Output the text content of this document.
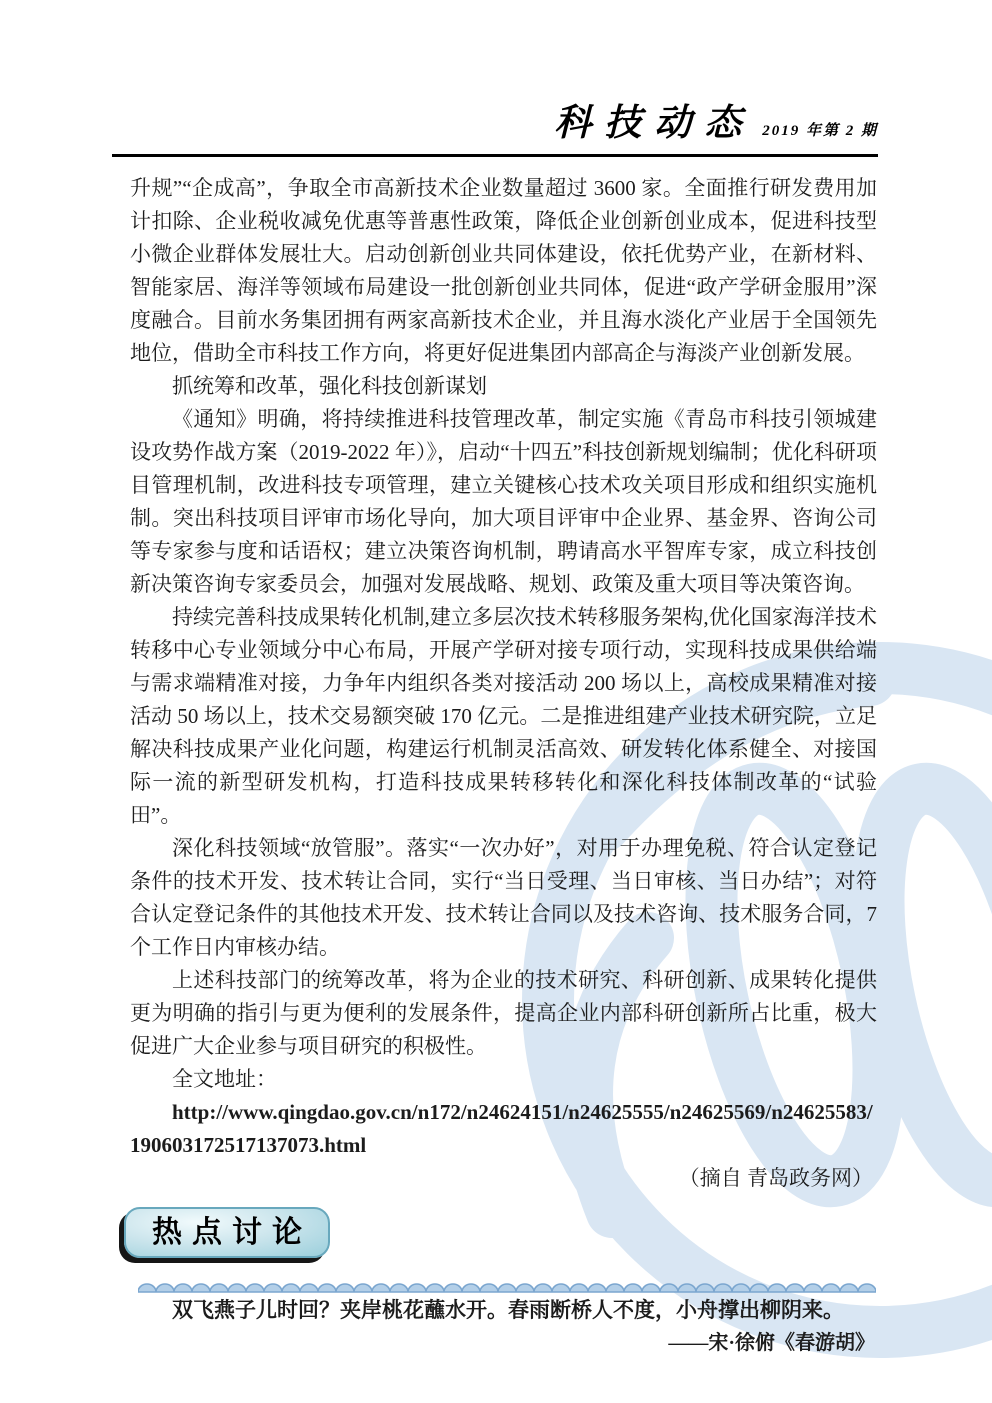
科技动态 2019 年第 2 期

升规”“企成高”，争取全市高新技术企业数量超过 3600 家。全面推行研发费用加计扣除、企业税收减免优惠等普惠性政策，降低企业创新创业成本，促进科技型小微企业群体发展壮大。启动创新创业共同体建设，依托优势产业，在新材料、智能家居、海洋等领域布局建设一批创新创业共同体，促进“政产学研金服用”深度融合。目前水务集团拥有两家高新技术企业，并且海水淡化产业居于全国领先地位，借助全市科技工作方向，将更好促进集团内部高企与海淡产业创新发展。

抓统筹和改革，强化科技创新谋划

《通知》明确，将持续推进科技管理改革，制定实施《青岛市科技引领城建设攻势作战方案（2019-2022 年）》，启动“十四五”科技创新规划编制；优化科研项目管理机制，改进科技专项管理，建立关键核心技术攻关项目形成和组织实施机制。突出科技项目评审市场化导向，加大项目评审中企业界、基金界、咨询公司等专家参与度和话语权；建立决策咨询机制，聘请高水平智库专家，成立科技创新决策咨询专家委员会，加强对发展战略、规划、政策及重大项目等决策咨询。

持续完善科技成果转化机制,建立多层次技术转移服务架构,优化国家海洋技术转移中心专业领域分中心布局，开展产学研对接专项行动，实现科技成果供给端与需求端精准对接，力争年内组织各类对接活动 200 场以上，高校成果精准对接活动 50 场以上，技术交易额突破 170 亿元。二是推进组建产业技术研究院，立足解决科技成果产业化问题，构建运行机制灵活高效、研发转化体系健全、对接国际一流的新型研发机构，打造科技成果转移转化和深化科技体制改革的“试验田”。

深化科技领域“放管服”。落实“一次办好”，对用于办理免税、符合认定登记条件的技术开发、技术转让合同，实行“当日受理、当日审核、当日办结”；对符合认定登记条件的其他技术开发、技术转让合同以及技术咨询、技术服务合同，7 个工作日内审核办结。

上述科技部门的统筹改革，将为企业的技术研究、科研创新、成果转化提供更为明确的指引与更为便利的发展条件，提高企业内部科研创新所占比重，极大促进广大企业参与项目研究的积极性。

全文地址：

http://www.qingdao.gov.cn/n172/n24624151/n24625555/n24625569/n24625583/190603172517137073.html

（摘自 青岛政务网）

热点讨论

双飞燕子儿时回？夹岸桃花蘸水开。春雨断桥人不度，小舟撑出柳阴来。

——宋·徐俯《春游胡》
